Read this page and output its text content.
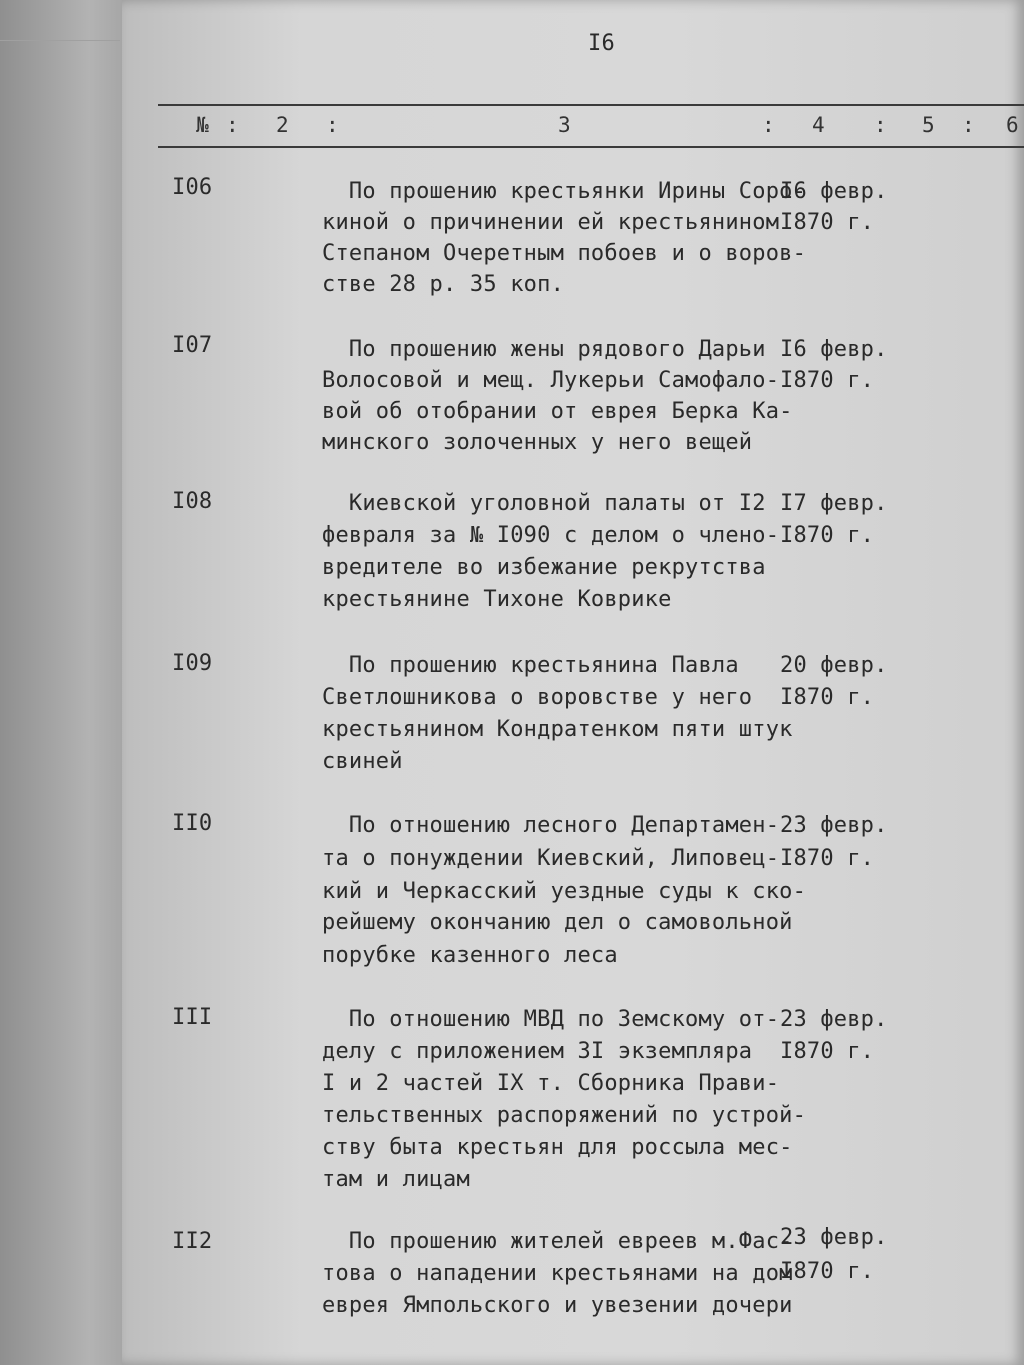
I6
№ : 2 :	3	: 4 : 5 : 6
I06	По прошению крестьянки Ирины Соро-
киной о причинении ей крестьянином
Степаном Очеретным побоев и о воров-
стве 28 р. 35 коп.
I6 февр.
I870 г.
I07	По прошению жены рядового Дарьи
Волосовой и мещ. Лукерьи Самофало-
вой об отобрании от еврея Берка Ка-
минского золоченных у него вещей
I6 февр.
I870 г.
I08	Киевской уголовной палаты от I2
февраля за № I090 с делом о члено-
вредителе во избежание рекрутства
крестьянине Тихоне Коврике
I7 февр.
I870 г.
I09	По прошению крестьянина Павла
Светлошникова о воровстве у него
крестьянином Кондратенком пяти штук
свиней
20 февр.
I870 г.
II0	По отношению лесного Департамен-
та о понуждении Киевский, Липовец-
кий и Черкасский уездные суды к ско-
рейшему окончанию дел о самовольной
порубке казенного леса
23 февр.
I870 г.
III	По отношению МВД по Земскому от-
делу с приложением 3I экземпляра
I и 2 частей IX т. Сборника Прави-
тельственных распоряжений по устрой-
ству быта крестьян для россыла мес-
там и лицам
23 февр.
I870 г.
II2	По прошению жителей евреев м.Фас-
това о нападении крестьянами на дом
еврея Ямпольского и увезении дочери
23 февр.
I870 г.
